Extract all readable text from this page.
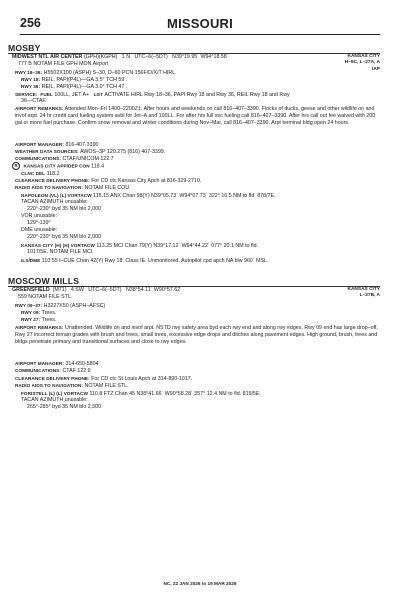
256	MISSOURI
MOSBY
KANSAS CITY
H–5C, L–27A, A
IAP
MIDWEST NTL AIR CENTER (GPH)(KGPH) 1 N UTC–6(–5DT) N39°19.95´ W94°18.58´
777 B NOTAM FILE GPH MON Airport
RWY 18–36: H5502X100 (ASPH) S–30, D–60 PCN 156F/D/X/T HIRL
RWY 18: REIL. PAPI(P4L)—GA 3.5° TCH 59´.
RWY 36: REIL. PAPI(P4L)—GA 3.0° TCH 47´.
SERVICE: FUEL 100LL, JET A+ LGT ACTIVATE HIRL Rwy 18–36, PAPI Rwy 18 and Rwy 36, REIL Rwy 18 and Rwy
36—CTAF.
AIRPORT REMARKS: Attended Mon–Fri 1400–2200Z‡. After hours and weekends on call 816–407–3390. Flocks of ducks, geese and other wildlife on and invof arpt. 24 hr credit card fueling system avbl for Jet–A and 100LL. For after hrs full svc fueling call 816–407–3390. After hrs call out fee waived with 200 gal or more fuel purchase. Confirm snow removal and winter conditions during Nov–Mar, call 816–407–3390. Arpt terminal bldg open 24 hours.
AIRPORT MANAGER: 816-407-3390
WEATHER DATA SOURCES: AWOS–3P 120.275 (816) 407-3399.
COMMUNICATIONS: CTAF/UNICOM 122.7
R KANSAS CITY APP/DEP CON 118.4
CLNC DEL 118.2
CLEARANCE DELIVERY PHONE: For CD ctc Kansas City Apch at 816-329-2710.
RADIO AIDS TO NAVIGATION: NOTAM FILE COU.
NAPOLEON (VL) (L) VORTACW 115.15 ANX Chan 98(Y) N39°05.73´ W94°07.73´ 322° 16.5 NM to fld. 878/7E.
TACAN AZIMUTH unusable:
220°-230° byd 35 NM blo 2,000´
VOR unusable:
129°-139°
DME unusable:
220°-230° byd 35 NM blo 2,000´
KANSAS CITY (H) (H) VORTACW 113.25 MCI Chan 79(Y) N39°17.12´ W94°44.22´ 077° 20.1 NM to fld.
1017/5E. NOTAM FILE MCI.
ILS/DME 110.55 I–CUE Chan 42(Y) Rwy 18. Class IE. Unmonitored. Autopilot cpd apch NA blw 960´ MSL.
MOSCOW MILLS
KANSAS CITY
L–27B, A
GREENSFIELD (M71) 4 SW UTC–6(–5DT) N38°54.11´ W90°57.62´
559 NOTAM FILE STL
RWY 09–27: H3227X50 (ASPH–AFSC)
RWY 09: Trees.
RWY 27: Trees.
AIRPORT REMARKS: Unattended. Wildlife on and invof arpt. NSTD rwy safety area byd each rwy end and along rwy edges, Rwy 09 end has large drop–off, Rwy 27 incorrect terrain grades with brush and trees, small trees, excessive edge drops and ditches along pavement edges. High ground, brush, trees and bldgs penetrate primary and transitional surfaces and close to rwy edges.
AIRPORT MANAGER: 314-650-5804
COMMUNICATIONS: CTAF 122.9
CLEARANCE DELIVERY PHONE: For CD ctc St Louis Apch at 314-890-1017.
RADIO AIDS TO NAVIGATION: NOTAM FILE STL.
FORISTELL (L) (L) VORTACW 110.8 FTZ Chan 45 N38°41.66´ W90°58.28´ 357° 12.4 NM to fld. 819/5E.
TACAN AZIMUTH unusable:
265°-285° byd 35 NM blo 2,500´
NC, 22 JAN 2026 to 19 MAR 2026
